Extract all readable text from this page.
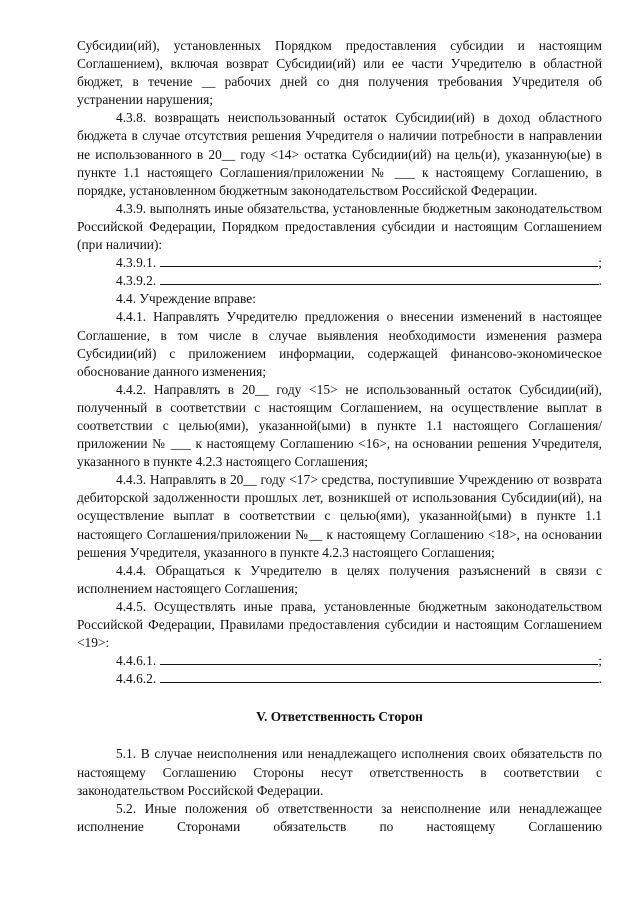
Субсидии(ий), установленных Порядком предоставления субсидии и настоящим Соглашением), включая возврат Субсидии(ий) или ее части Учредителю в областной бюджет, в течение __ рабочих дней со дня получения требования Учредителя об устранении нарушения;

4.3.8. возвращать неиспользованный остаток Субсидии(ий) в доход областного бюджета в случае отсутствия решения Учредителя о наличии потребности в направлении не использованного в 20__ году <14> остатка Субсидии(ий) на цель(и), указанную(ые) в пункте 1.1 настоящего Соглашения/приложении № ___ к настоящему Соглашению, в порядке, установленном бюджетным законодательством Российской Федерации.

4.3.9. выполнять иные обязательства, установленные бюджетным законодательством Российской Федерации, Порядком предоставления субсидии и настоящим Соглашением (при наличии):

4.3.9.1.	;

4.3.9.2.	.

4.4. Учреждение вправе:

4.4.1. Направлять Учредителю предложения о внесении изменений в настоящее Соглашение, в том числе в случае выявления необходимости изменения размера Субсидии(ий) с приложением информации, содержащей финансово-экономическое обоснование данного изменения;

4.4.2. Направлять в 20__ году <15> не использованный остаток Субсидии(ий), полученный в соответствии с настоящим Соглашением, на осуществление выплат в соответствии с целью(ями), указанной(ыми) в пункте 1.1 настоящего Соглашения/приложении № ___ к настоящему Соглашению <16>, на основании решения Учредителя, указанного в пункте 4.2.3 настоящего Соглашения;

4.4.3. Направлять в 20__ году <17> средства, поступившие Учреждению от возврата дебиторской задолженности прошлых лет, возникшей от использования Субсидии(ий), на осуществление выплат в соответствии с целью(ями), указанной(ыми) в пункте 1.1 настоящего Соглашения/приложении №__ к настоящему Соглашению <18>, на основании решения Учредителя, указанного в пункте 4.2.3 настоящего Соглашения;

4.4.4. Обращаться к Учредителю в целях получения разъяснений в связи с исполнением настоящего Соглашения;

4.4.5. Осуществлять иные права, установленные бюджетным законодательством Российской Федерации, Правилами предоставления субсидии и настоящим Соглашением <19>:

4.4.6.1.	;

4.4.6.2.	.

V. Ответственность Сторон

5.1. В случае неисполнения или ненадлежащего исполнения своих обязательств по настоящему Соглашению Стороны несут ответственность в соответствии с законодательством Российской Федерации.

5.2. Иные положения об ответственности за неисполнение или ненадлежащее исполнение Сторонами обязательств по настоящему Соглашению
